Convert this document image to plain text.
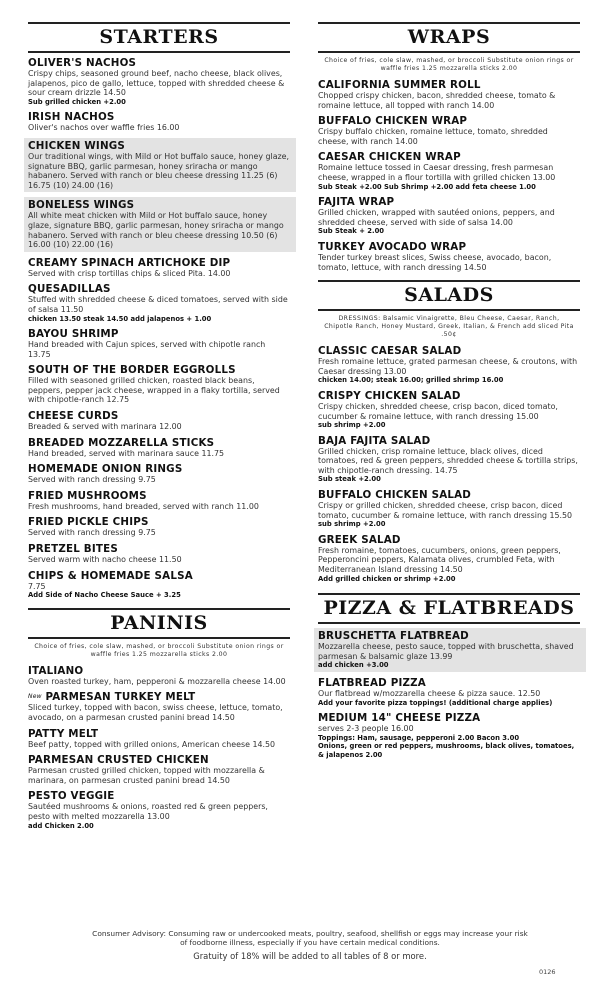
STARTERS
OLIVER'S NACHOS
Crispy chips, seasoned ground beef, nacho cheese, black olives, jalapenos, pico de gallo, lettuce, topped with shredded cheese & sour cream drizzle 14.50
Sub grilled chicken +2.00
IRISH NACHOS
Oliver's nachos over waffle fries 16.00
CHICKEN WINGS
Our traditional wings, with Mild or Hot buffalo sauce, honey glaze, signature BBQ, garlic parmesan, honey sriracha or mango habanero. Served with ranch or bleu cheese dressing 11.25 (6) 16.75 (10) 24.00 (16)
BONELESS WINGS
All white meat chicken with Mild or Hot buffalo sauce, honey glaze, signature BBQ, garlic parmesan, honey sriracha or mango habanero. Served with ranch or bleu cheese dressing 10.50 (6) 16.00 (10) 22.00 (16)
CREAMY SPINACH ARTICHOKE DIP
Served with crisp tortillas chips & sliced Pita. 14.00
QUESADILLAS
Stuffed with shredded cheese & diced tomatoes, served with side of salsa 11.50
chicken 13.50 steak 14.50 add jalapenos + 1.00
BAYOU SHRIMP
Hand breaded with Cajun spices, served with chipotle ranch 13.75
SOUTH OF THE BORDER EGGROLLS
Filled with seasoned grilled chicken, roasted black beans, peppers, pepper jack cheese, wrapped in a flaky tortilla, served with chipotle-ranch 12.75
CHEESE CURDS
Breaded & served with marinara 12.00
BREADED MOZZARELLA STICKS
Hand breaded, served with marinara sauce 11.75
HOMEMADE ONION RINGS
Served with ranch dressing 9.75
FRIED MUSHROOMS
Fresh mushrooms, hand breaded, served with ranch 11.00
FRIED PICKLE CHIPS
Served with ranch dressing 9.75
PRETZEL BITES
Served warm with nacho cheese 11.50
CHIPS & HOMEMADE SALSA
7.75
Add Side of Nacho Cheese Sauce + 3.25
PANINIS
Choice of fries, cole slaw, mashed, or broccoli Substitute onion rings or waffle fries 1.25 mozzarella sticks 2.00
ITALIANO
Oven roasted turkey, ham, pepperoni & mozzarella cheese 14.00
$^{New}$ PARMESAN TURKEY MELT
Sliced turkey, topped with bacon, swiss cheese, lettuce, tomato, avocado, on a parmesan crusted panini bread 14.50
PATTY MELT
Beef patty, topped with grilled onions, American cheese 14.50
PARMESAN CRUSTED CHICKEN
Parmesan crusted grilled chicken, topped with mozzarella & marinara, on parmesan crusted panini bread 14.50
PESTO VEGGIE
Sautéed mushrooms & onions, roasted red & green peppers, pesto with melted mozzarella 13.00
add Chicken 2.00
WRAPS
Choice of fries, cole slaw, mashed, or broccoli Substitute onion rings or waffle fries 1.25 mozzarella sticks 2.00
CALIFORNIA SUMMER ROLL
Chopped crispy chicken, bacon, shredded cheese, tomato & romaine lettuce, all topped with ranch 14.00
BUFFALO CHICKEN WRAP
Crispy buffalo chicken, romaine lettuce, tomato, shredded cheese, with ranch 14.00
CAESAR CHICKEN WRAP
Romaine lettuce tossed in Caesar dressing, fresh parmesan cheese, wrapped in a flour tortilla with grilled chicken 13.00
Sub Steak +2.00 Sub Shrimp +2.00 add feta cheese 1.00
FAJITA WRAP
Grilled chicken, wrapped with sautéed onions, peppers, and shredded cheese, served with side of salsa 14.00
Sub Steak + 2.00
TURKEY AVOCADO WRAP
Tender turkey breast slices, Swiss cheese, avocado, bacon, tomato, lettuce, with ranch dressing 14.50
SALADS
DRESSINGS: Balsamic Vinaigrette, Bleu Cheese, Caesar, Ranch, Chipotle Ranch, Honey Mustard, Greek, Italian, & French add sliced Pita .50¢
CLASSIC CAESAR SALAD
Fresh romaine lettuce, grated parmesan cheese, & croutons, with Caesar dressing 13.00
chicken 14.00; steak 16.00; grilled shrimp 16.00
CRISPY CHICKEN SALAD
Crispy chicken, shredded cheese, crisp bacon, diced tomato, cucumber & romaine lettuce, with ranch dressing 15.00
sub shrimp +2.00
BAJA FAJITA SALAD
Grilled chicken, crisp romaine lettuce, black olives, diced tomatoes, red & green peppers, shredded cheese & tortilla strips, with chipotle-ranch dressing. 14.75
Sub steak +2.00
BUFFALO CHICKEN SALAD
Crispy or grilled chicken, shredded cheese, crisp bacon, diced tomato, cucumber & romaine lettuce, with ranch dressing 15.50
sub shrimp +2.00
GREEK SALAD
Fresh romaine, tomatoes, cucumbers, onions, green peppers, Pepperoncini peppers, Kalamata olives, crumbled Feta, with Mediterranean Island dressing 14.50
Add grilled chicken or shrimp +2.00
PIZZA & FLATBREADS
BRUSCHETTA FLATBREAD
Mozzarella cheese, pesto sauce, topped with bruschetta, shaved parmesan & balsamic glaze 13.99
add chicken +3.00
FLATBREAD PIZZA
Our flatbread w/mozzarella cheese & pizza sauce. 12.50
Add your favorite pizza toppings! (additional charge applies)
MEDIUM 14" CHEESE PIZZA
serves 2-3 people 16.00
Toppings: Ham, sausage, pepperoni 2.00 Bacon 3.00
Onions, green or red peppers, mushrooms, black olives, tomatoes, & jalapenos 2.00
Consumer Advisory: Consuming raw or undercooked meats, poultry, seafood, shellfish or eggs may increase your risk of foodborne illness, especially if you have certain medical conditions.
Gratuity of 18% will be added to all tables of 8 or more.
0126
